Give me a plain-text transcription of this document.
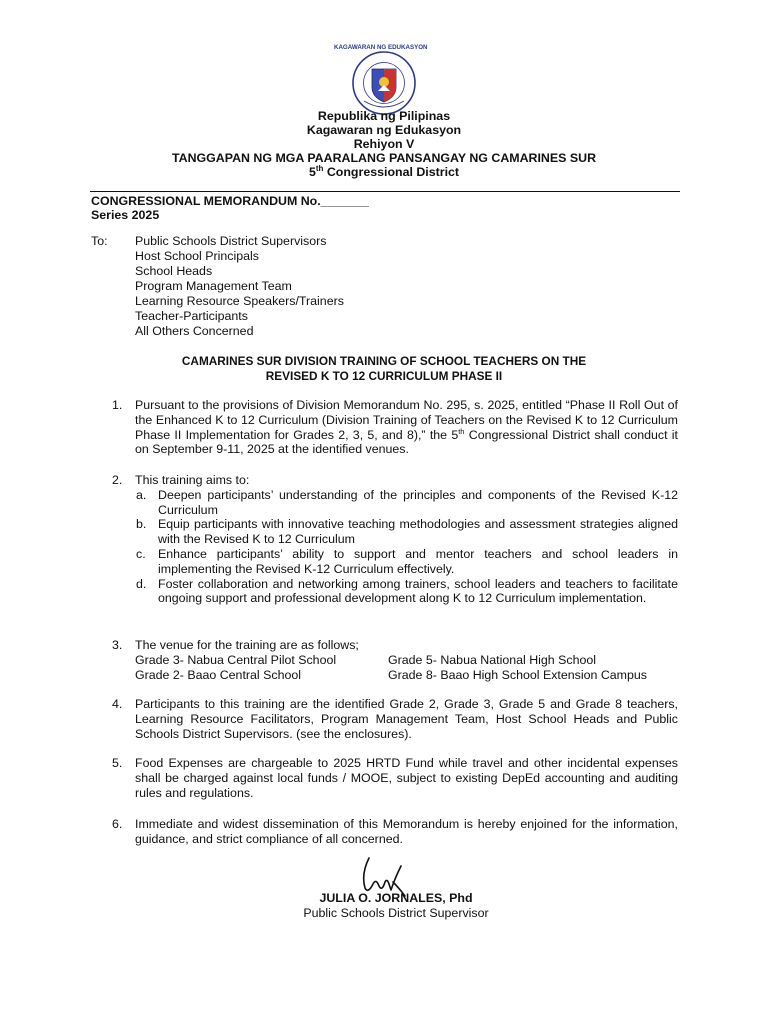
KAGAWARAN NG EDUKASYON
Republika ng Pilipinas
Kagawaran ng Edukasyon
Rehiyon V
TANGGAPAN NG MGA PAARALANG PANSANGAY NG CAMARINES SUR
5th Congressional District
CONGRESSIONAL MEMORANDUM No._______
Series 2025
To: Public Schools District Supervisors
Host School Principals
School Heads
Program Management Team
Learning Resource Speakers/Trainers
Teacher-Participants
All Others Concerned
CAMARINES SUR DIVISION TRAINING OF SCHOOL TEACHERS ON THE
REVISED K TO 12 CURRICULUM PHASE II
1. Pursuant to the provisions of Division Memorandum No. 295, s. 2025, entitled “Phase II Roll Out of the Enhanced K to 12 Curriculum (Division Training of Teachers on the Revised K to 12 Curriculum Phase II Implementation for Grades 2, 3, 5, and 8),” the 5th Congressional District shall conduct it on September 9-11, 2025 at the identified venues.
2. This training aims to:
a. Deepen participants’ understanding of the principles and components of the Revised K-12 Curriculum
b. Equip participants with innovative teaching methodologies and assessment strategies aligned with the Revised K to 12 Curriculum
c. Enhance participants’ ability to support and mentor teachers and school leaders in implementing the Revised K-12 Curriculum effectively.
d. Foster collaboration and networking among trainers, school leaders and teachers to facilitate ongoing support and professional development along K to 12 Curriculum implementation.
3. The venue for the training are as follows;
Grade 3- Nabua Central Pilot School	Grade 5- Nabua National High School
Grade 2- Baao Central School	Grade 8- Baao High School Extension Campus
4. Participants to this training are the identified Grade 2, Grade 3, Grade 5 and Grade 8 teachers, Learning Resource Facilitators, Program Management Team, Host School Heads and Public Schools District Supervisors. (see the enclosures).
5. Food Expenses are chargeable to 2025 HRTD Fund while travel and other incidental expenses shall be charged against local funds / MOOE, subject to existing DepEd accounting and auditing rules and regulations.
6. Immediate and widest dissemination of this Memorandum is hereby enjoined for the information, guidance, and strict compliance of all concerned.
JULIA O. JORNALES, Phd
Public Schools District Supervisor
